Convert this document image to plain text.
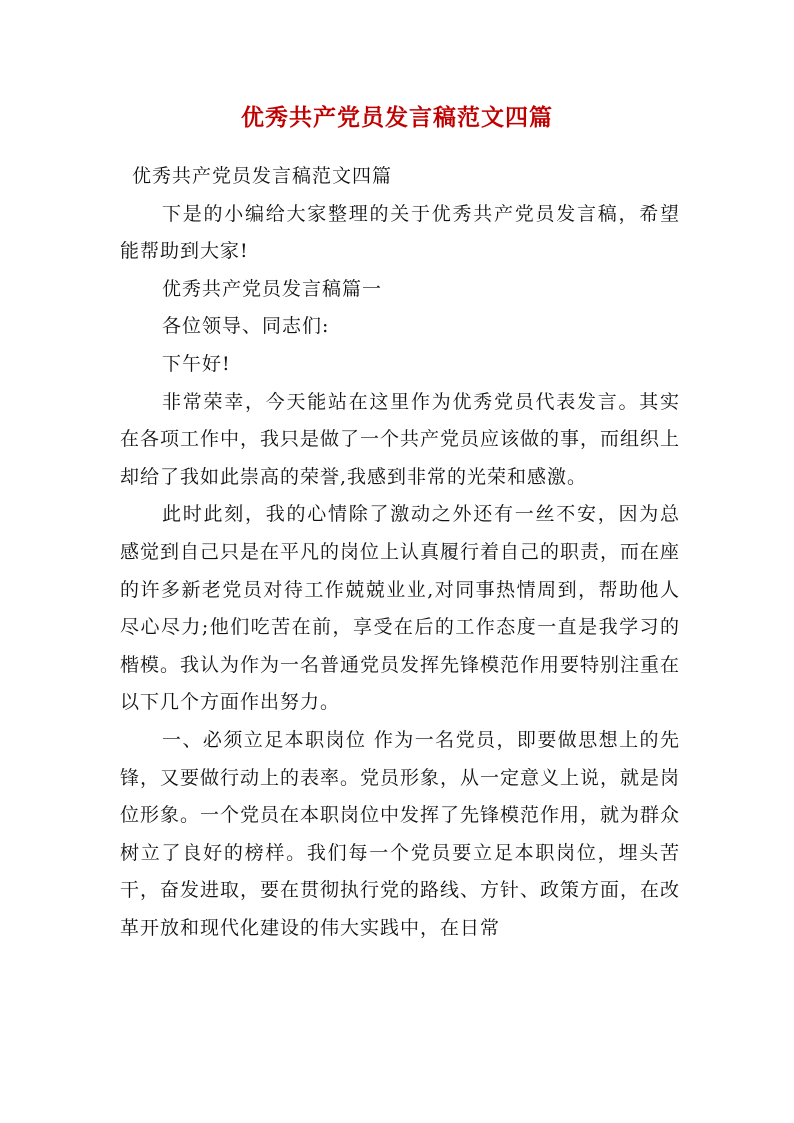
优秀共产党员发言稿范文四篇

优秀共产党员发言稿范文四篇

下是的小编给大家整理的关于优秀共产党员发言稿，希望能帮助到大家!

优秀共产党员发言稿篇一

各位领导、同志们:

下午好!

非常荣幸，今天能站在这里作为优秀党员代表发言。其实在各项工作中，我只是做了一个共产党员应该做的事，而组织上却给了我如此崇高的荣誉,我感到非常的光荣和感激。

此时此刻，我的心情除了激动之外还有一丝不安，因为总感觉到自己只是在平凡的岗位上认真履行着自己的职责，而在座的许多新老党员对待工作兢兢业业,对同事热情周到，帮助他人尽心尽力;他们吃苦在前，享受在后的工作态度一直是我学习的楷模。我认为作为一名普通党员发挥先锋模范作用要特别注重在以下几个方面作出努力。

一、必须立足本职岗位 作为一名党员，即要做思想上的先锋，又要做行动上的表率。党员形象，从一定意义上说，就是岗位形象。一个党员在本职岗位中发挥了先锋模范作用，就为群众树立了良好的榜样。我们每一个党员要立足本职岗位，埋头苦干，奋发进取，要在贯彻执行党的路线、方针、政策方面，在改革开放和现代化建设的伟大实践中，在日常
